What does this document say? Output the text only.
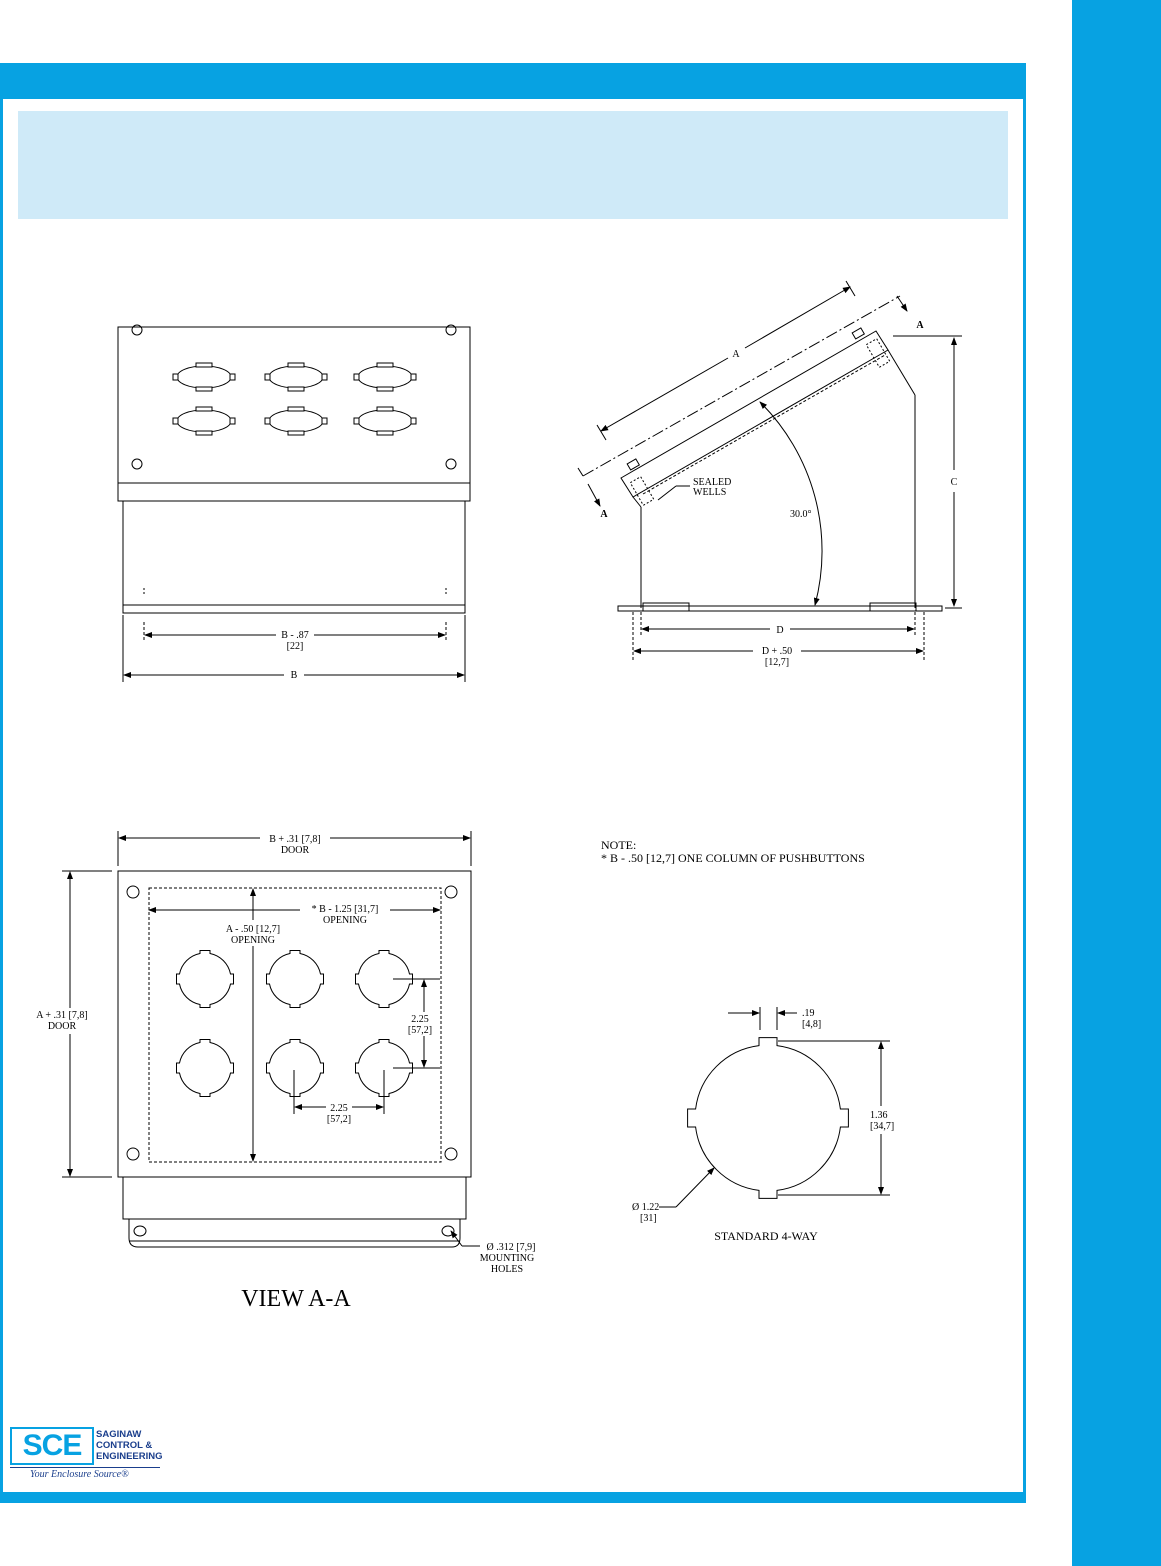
B - .87
[22]
B
A
A
A
SEALED
WELLS
30.0°
C
D
D + .50
[12,7]
B + .31 [7,8]
DOOR
* B - 1.25 [31,7]
OPENING
A - .50 [12,7]
OPENING
A + .31 [7,8]
DOOR
2.25
[57,2]
2.25
[57,2]
Ø .312 [7,9]
MOUNTING
HOLES
VIEW A-A
NOTE:
* B - .50 [12,7] ONE COLUMN OF PUSHBUTTONS
.19
[4,8]
1.36
[34,7]
Ø 1.22
[31]
STANDARD 4-WAY
SCE SAGINAW
CONTROL &
ENGINEERING
Your Enclosure Source®
